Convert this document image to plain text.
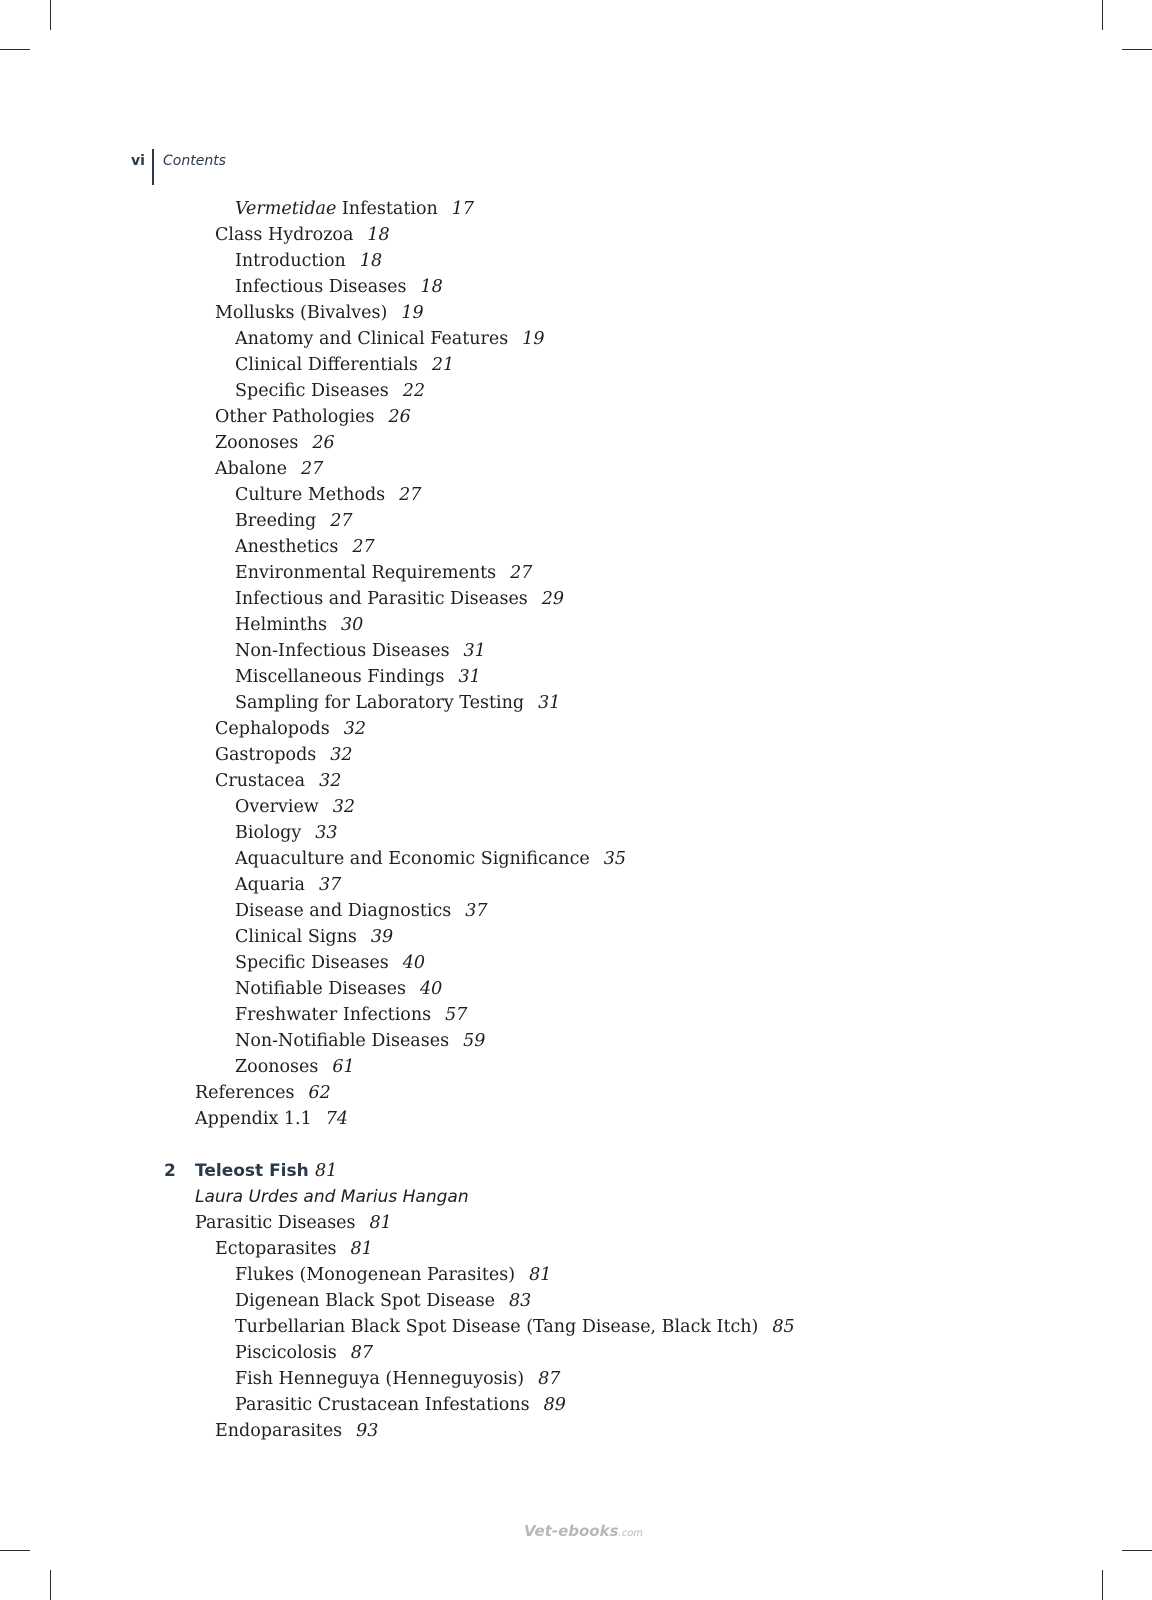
vi Contents
Vermetidae Infestation 17
Class Hydrozoa 18
Introduction 18
Infectious Diseases 18
Mollusks (Bivalves) 19
Anatomy and Clinical Features 19
Clinical Differentials 21
Specific Diseases 22
Other Pathologies 26
Zoonoses 26
Abalone 27
Culture Methods 27
Breeding 27
Anesthetics 27
Environmental Requirements 27
Infectious and Parasitic Diseases 29
Helminths 30
Non-Infectious Diseases 31
Miscellaneous Findings 31
Sampling for Laboratory Testing 31
Cephalopods 32
Gastropods 32
Crustacea 32
Overview 32
Biology 33
Aquaculture and Economic Significance 35
Aquaria 37
Disease and Diagnostics 37
Clinical Signs 39
Specific Diseases 40
Notifiable Diseases 40
Freshwater Infections 57
Non-Notifiable Diseases 59
Zoonoses 61
References 62
Appendix 1.1 74
2 Teleost Fish 81
Laura Urdes and Marius Hangan
Parasitic Diseases 81
Ectoparasites 81
Flukes (Monogenean Parasites) 81
Digenean Black Spot Disease 83
Turbellarian Black Spot Disease (Tang Disease, Black Itch) 85
Piscicolosis 87
Fish Henneguya (Henneguyosis) 87
Parasitic Crustacean Infestations 89
Endoparasites 93
Vet-ebooks.com
